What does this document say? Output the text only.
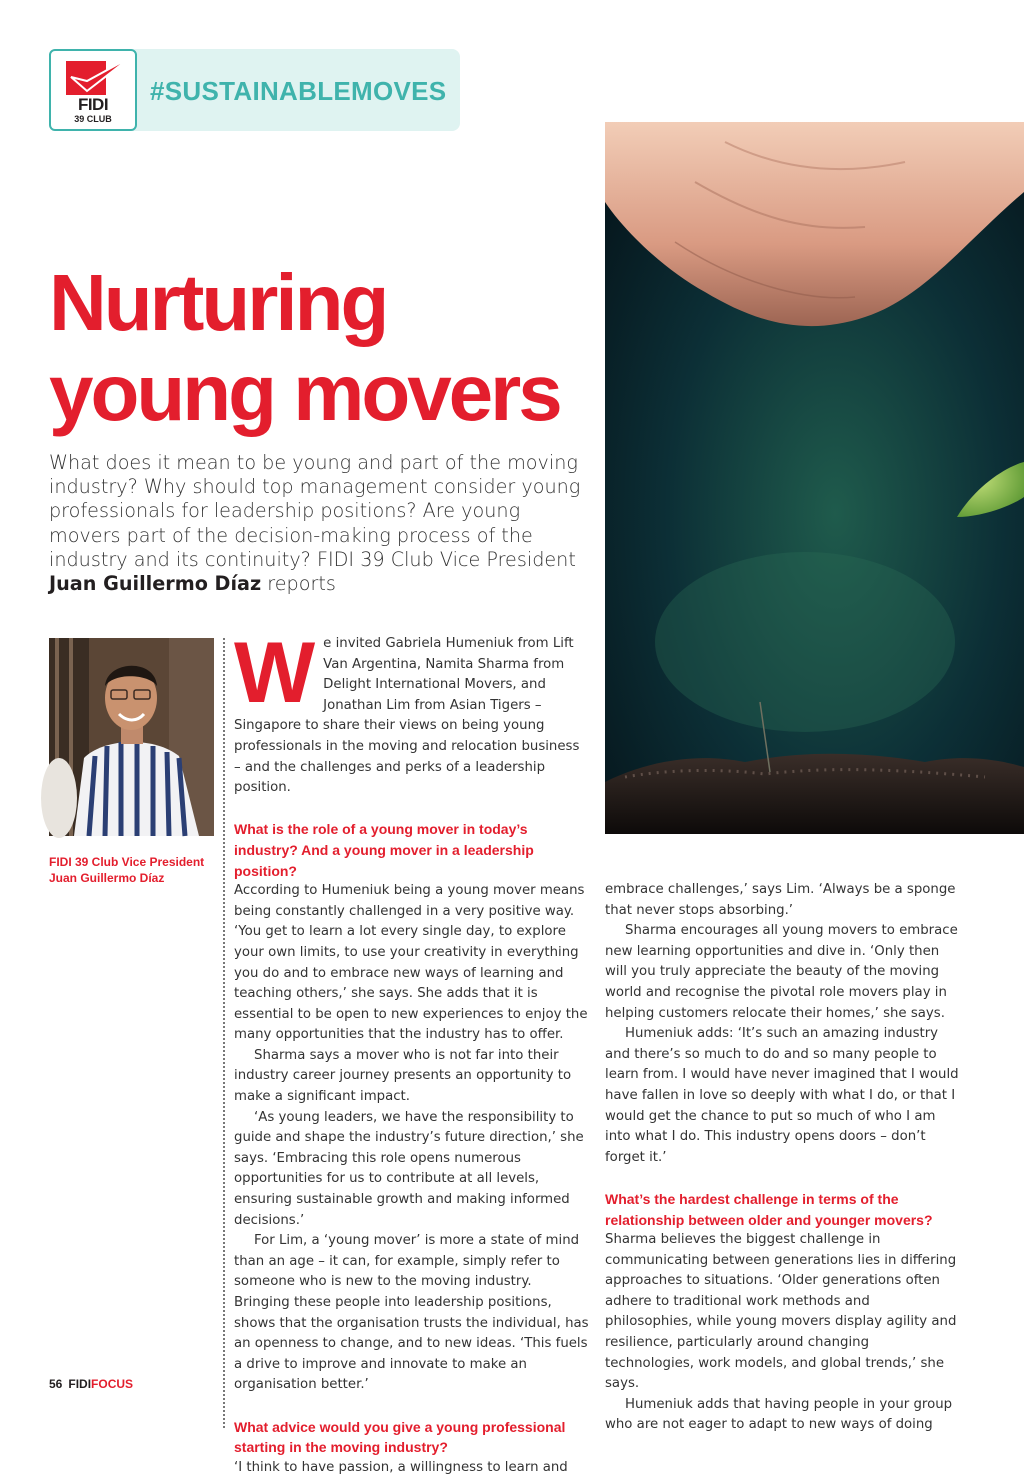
FIDI
39 CLUB
#SUSTAINABLEMOVES
Nurturing
young movers
What does it mean to be young and part of the moving industry? Why should top management consider young professionals for leadership positions? Are young movers part of the decision-making process of the industry and its continuity? FIDI 39 Club Vice President Juan Guillermo Díaz reports
FIDI 39 Club Vice President
Juan Guillermo Díaz
W e invited Gabriela Humeniuk from Lift Van Argentina, Namita Sharma from Delight International Movers, and Jonathan Lim from Asian Tigers – Singapore to share their views on being young professionals in the moving and relocation business – and the challenges and perks of a leadership position.

What is the role of a young mover in today’s industry? And a young mover in a leadership position?

According to Humeniuk being a young mover means being constantly challenged in a very positive way. ‘You get to learn a lot every single day, to explore your own limits, to use your creativity in everything you do and to embrace new ways of learning and teaching others,’ she says. She adds that it is essential to be open to new experiences to enjoy the many opportunities that the industry has to offer.

Sharma says a mover who is not far into their industry career journey presents an opportunity to make a significant impact.

‘As young leaders, we have the responsibility to guide and shape the industry’s future direction,’ she says. ‘Embracing this role opens numerous opportunities for us to contribute at all levels, ensuring sustainable growth and making informed decisions.’

For Lim, a ‘young mover’ is more a state of mind than an age – it can, for example, simply refer to someone who is new to the moving industry. Bringing these people into leadership positions, shows that the organisation trusts the individual, has an openness to change, and to new ideas. ‘This fuels a drive to improve and innovate to make an organisation better.’

What advice would you give a young professional starting in the moving industry?

‘I think to have passion, a willingness to learn and

embrace challenges,’ says Lim. ‘Always be a sponge that never stops absorbing.’

Sharma encourages all young movers to embrace new learning opportunities and dive in. ‘Only then will you truly appreciate the beauty of the moving world and recognise the pivotal role movers play in helping customers relocate their homes,’ she says.

Humeniuk adds: ‘It’s such an amazing industry and there’s so much to do and so many people to learn from. I would have never imagined that I would have fallen in love so deeply with what I do, or that I would get the chance to put so much of who I am into what I do. This industry opens doors – don’t forget it.’

What’s the hardest challenge in terms of the relationship between older and younger movers?

Sharma believes the biggest challenge in communicating between generations lies in differing approaches to situations. ‘Older generations often adhere to traditional work methods and philosophies, while young movers display agility and resilience, particularly around changing technologies, work models, and global trends,’ she says.

Humeniuk adds that having people in your group who are not eager to adapt to new ways of doing

56 FIDIFOCUS
